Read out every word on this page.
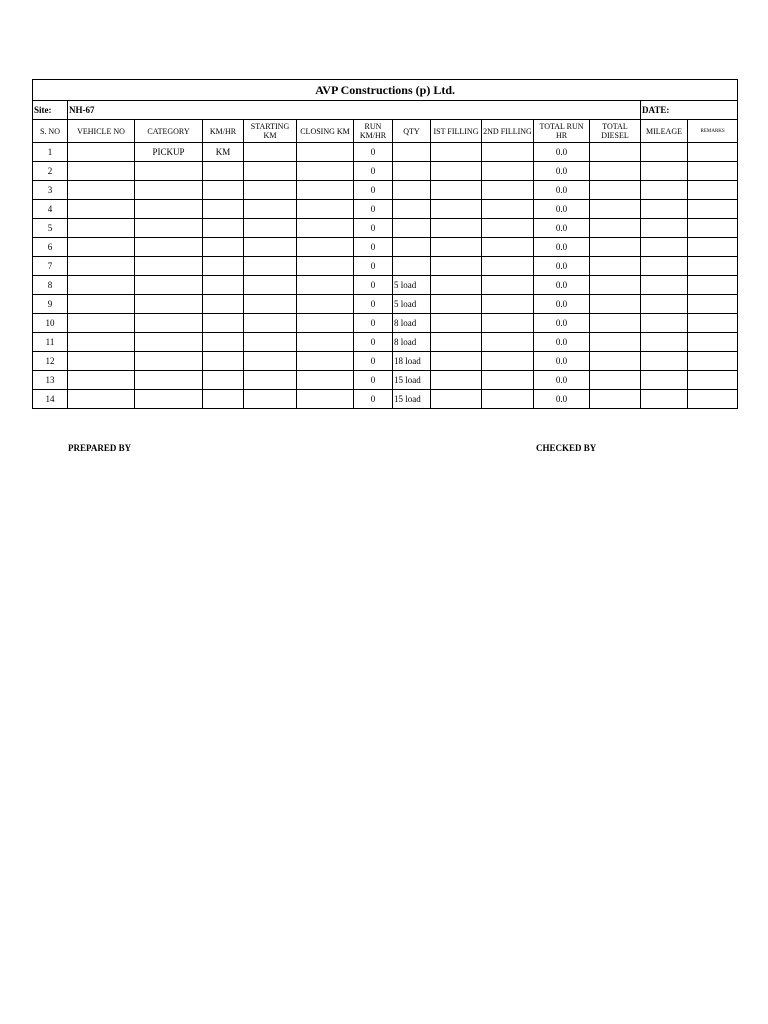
AVP Constructions (p) Ltd.													
Site:	NH-67											DATE:	
S. NO	VEHICLE NO	CATEGORY	KM/HR	STARTING KM	CLOSING KM	RUN KM/HR	QTY	IST FILLING	2ND FILLING	TOTAL RUN HR	TOTAL DIESEL	MILEAGE	REMARKS
1		PICKUP	KM			0				0.0			
2						0				0.0			
3						0				0.0			
4						0				0.0			
5						0				0.0			
6						0				0.0			
7						0				0.0			
8						0	5 load			0.0			
9						0	5 load			0.0			
10						0	8 load			0.0			
11						0	8 load			0.0			
12						0	18 load			0.0			
13						0	15 load			0.0			
14						0	15 load			0.0			
PREPARED BY	CHECKED BY
